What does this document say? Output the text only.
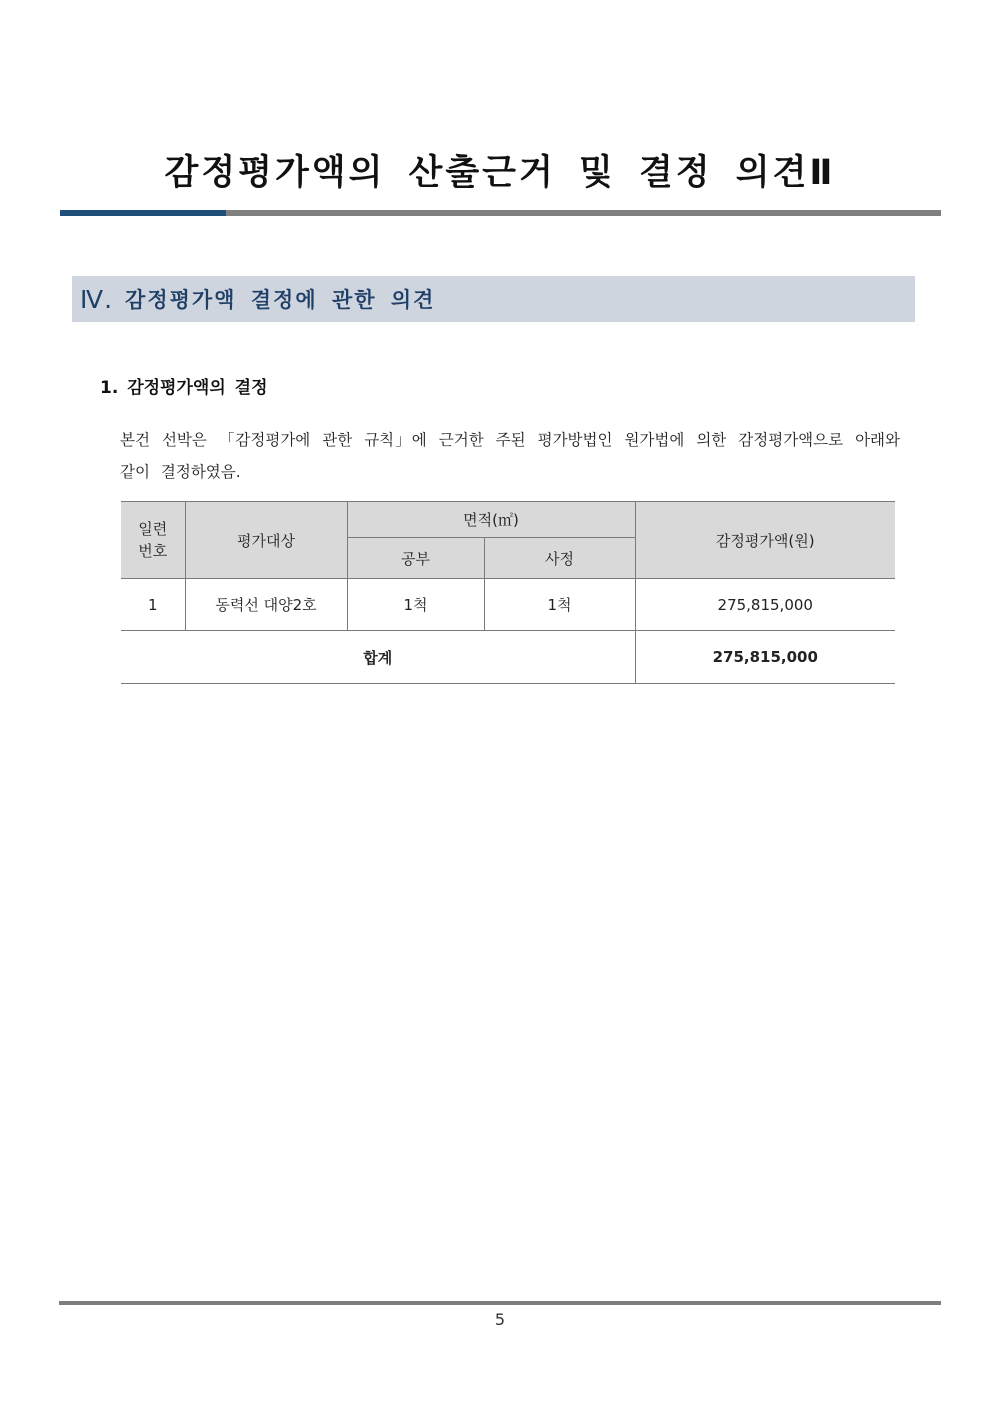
감정평가액의 산출근거 및 결정 의견Ⅱ
Ⅳ. 감정평가액 결정에 관한 의견
1. 감정평가액의 결정
본건 선박은 「감정평가에 관한 규칙」에 근거한 주된 평가방법인 원가법에 의한 감정평가액으로 아래와
같이 결정하였음.
일련
번호	평가대상	면적(㎡)		감정평가액(원)
		공부	사정	
1	동력선 대양2호	1척	1척	275,815,000
합계				275,815,000
5
